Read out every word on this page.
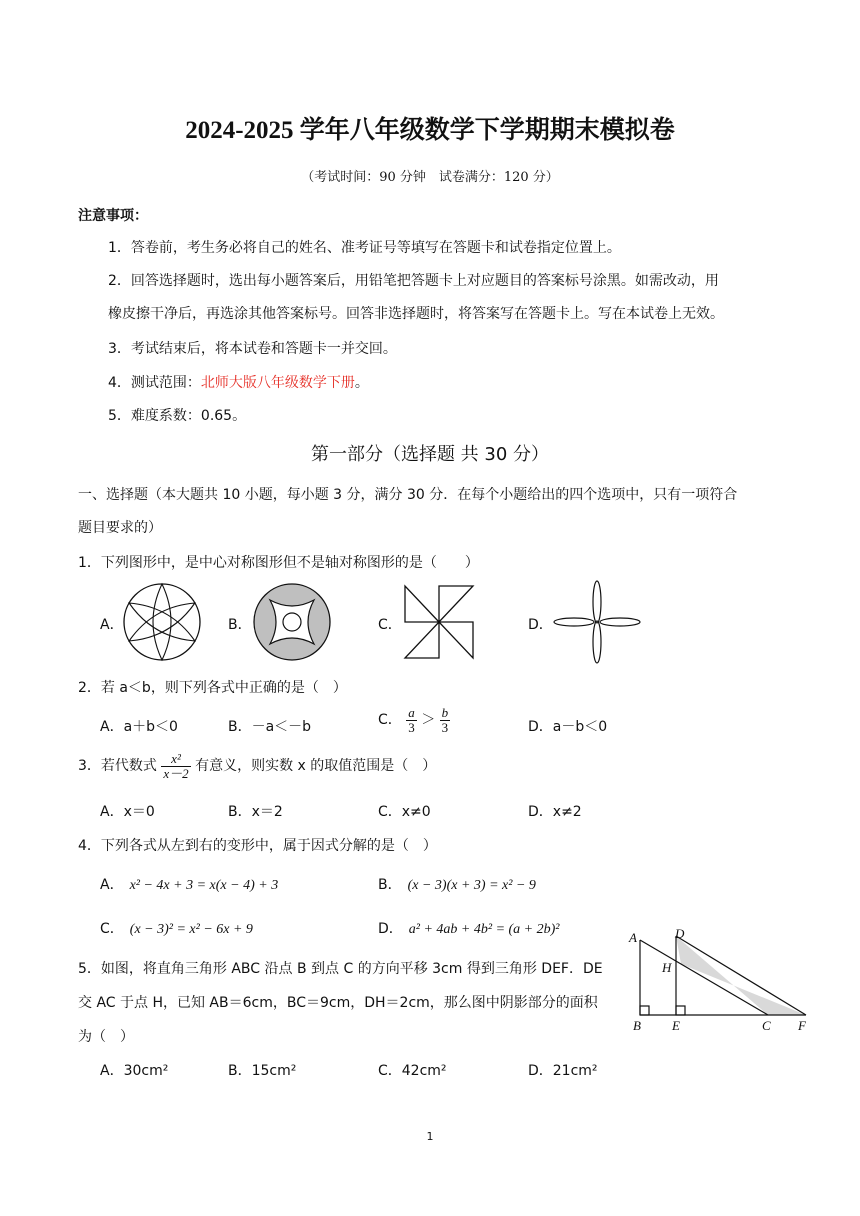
2024-2025 学年八年级数学下学期期末模拟卷
（考试时间：90 分钟　试卷满分：120 分）
注意事项：
1．答卷前，考生务必将自己的姓名、准考证号等填写在答题卡和试卷指定位置上。
2．回答选择题时，选出每小题答案后，用铅笔把答题卡上对应题目的答案标号涂黑。如需改动，用
橡皮擦干净后，再选涂其他答案标号。回答非选择题时，将答案写在答题卡上。写在本试卷上无效。
3．考试结束后，将本试卷和答题卡一并交回。
4．测试范围：北师大版八年级数学下册。
5．难度系数：0.65。
第一部分（选择题 共 30 分）
一、选择题（本大题共 10 小题，每小题 3 分，满分 30 分．在每个小题给出的四个选项中，只有一项符合
题目要求的）
1．下列图形中，是中心对称图形但不是轴对称图形的是（　　）
A．	B．	C．	D．
2．若 a＜b，则下列各式中正确的是（　）
A．a＋b＜0	B．－a＜－b	C． $\frac{a}{3} > \frac{b}{3}$	D．a－b＜0
3．若代数式 $\frac{\text{x²}}{x-2}$ 有意义，则实数 x 的取值范围是（　）
A．x＝0	B．x＝2	C．x≠0	D．x≠2
4．下列各式从左到右的变形中，属于因式分解的是（　）
A． x² − 4x + 3 = x(x − 4) + 3	B． (x − 3)(x + 3) = x² − 9
C． (x − 3)² = x² − 6x + 9	D． a² + 4ab + 4b² = (a + 2b)²
5．如图，将直角三角形 ABC 沿点 B 到点 C 的方向平移 3cm 得到三角形 DEF．DE
交 AC 于点 H，已知 AB＝6cm，BC＝9cm，DH＝2cm，那么图中阴影部分的面积
为（　）
A．30cm²	B．15cm²	C．42cm²	D．21cm²
A	D
H
B E	C F
1
